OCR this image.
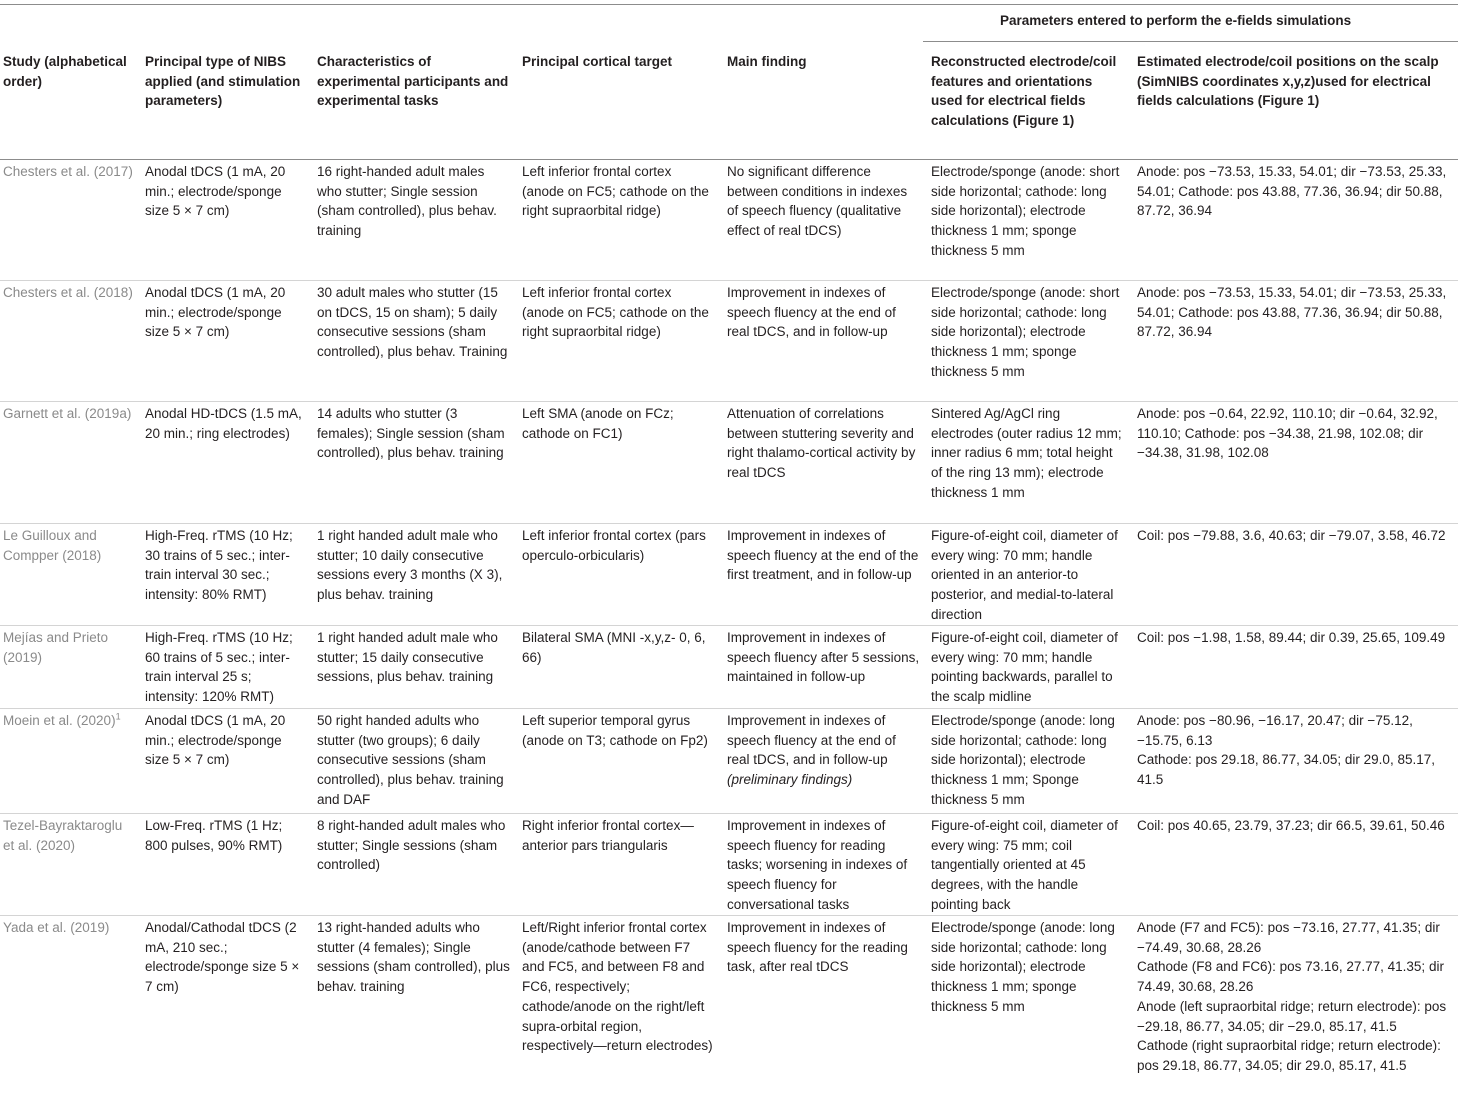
Parameters entered to perform the e-fields simulations
Study (alphabetical order)	Principal type of NIBS applied (and stimulation parameters)	Characteristics of experimental participants and experimental tasks	Principal cortical target	Main finding	Reconstructed electrode/coil features and orientations used for electrical fields calculations (Figure 1)	Estimated electrode/coil positions on the scalp (SimNIBS coordinates x,y,z)used for electrical fields calculations (Figure 1)
Chesters et al. (2017)	Anodal tDCS (1 mA, 20 min.; electrode/sponge size 5 × 7 cm)	16 right-handed adult males who stutter; Single session (sham controlled), plus behav. training	Left inferior frontal cortex (anode on FC5; cathode on the right supraorbital ridge)	No significant difference between conditions in indexes of speech fluency (qualitative effect of real tDCS)	Electrode/sponge (anode: short side horizontal; cathode: long side horizontal); electrode thickness 1 mm; sponge thickness 5 mm	Anode: pos −73.53, 15.33, 54.01; dir −73.53, 25.33, 54.01; Cathode: pos 43.88, 77.36, 36.94; dir 50.88, 87.72, 36.94
Chesters et al. (2018)	Anodal tDCS (1 mA, 20 min.; electrode/sponge size 5 × 7 cm)	30 adult males who stutter (15 on tDCS, 15 on sham); 5 daily consecutive sessions (sham controlled), plus behav. Training	Left inferior frontal cortex (anode on FC5; cathode on the right supraorbital ridge)	Improvement in indexes of speech fluency at the end of real tDCS, and in follow-up	Electrode/sponge (anode: short side horizontal; cathode: long side horizontal); electrode thickness 1 mm; sponge thickness 5 mm	Anode: pos −73.53, 15.33, 54.01; dir −73.53, 25.33, 54.01; Cathode: pos 43.88, 77.36, 36.94; dir 50.88, 87.72, 36.94
Garnett et al. (2019a)	Anodal HD-tDCS (1.5 mA, 20 min.; ring electrodes)	14 adults who stutter (3 females); Single session (sham controlled), plus behav. training	Left SMA (anode on FCz; cathode on FC1)	Attenuation of correlations between stuttering severity and right thalamo-cortical activity by real tDCS	Sintered Ag/AgCl ring electrodes (outer radius 12 mm; inner radius 6 mm; total height of the ring 13 mm); electrode thickness 1 mm	Anode: pos −0.64, 22.92, 110.10; dir −0.64, 32.92, 110.10; Cathode: pos −34.38, 21.98, 102.08; dir −34.38, 31.98, 102.08
Le Guilloux and Compper (2018)	High-Freq. rTMS (10 Hz; 30 trains of 5 sec.; inter-train interval 30 sec.; intensity: 80% RMT)	1 right handed adult male who stutter; 10 daily consecutive sessions every 3 months (X 3), plus behav. training	Left inferior frontal cortex (pars operculo-orbicularis)	Improvement in indexes of speech fluency at the end of the first treatment, and in follow-up	Figure-of-eight coil, diameter of every wing: 70 mm; handle oriented in an anterior-to posterior, and medial-to-lateral direction	Coil: pos −79.88, 3.6, 40.63; dir −79.07, 3.58, 46.72
Mejías and Prieto (2019)	High-Freq. rTMS (10 Hz; 60 trains of 5 sec.; inter-train interval 25 s; intensity: 120% RMT)	1 right handed adult male who stutter; 15 daily consecutive sessions, plus behav. training	Bilateral SMA (MNI -x,y,z- 0, 6, 66)	Improvement in indexes of speech fluency after 5 sessions, maintained in follow-up	Figure-of-eight coil, diameter of every wing: 70 mm; handle pointing backwards, parallel to the scalp midline	Coil: pos −1.98, 1.58, 89.44; dir 0.39, 25.65, 109.49
Moein et al. $(2020)^1$	Anodal tDCS (1 mA, 20 min.; electrode/sponge size 5 × 7 cm)	50 right handed adults who stutter (two groups); 6 daily consecutive sessions (sham controlled), plus behav. training and DAF	Left superior temporal gyrus (anode on T3; cathode on Fp2)	Improvement in indexes of speech fluency at the end of real tDCS, and in follow-up (preliminary findings)	Electrode/sponge (anode: long side horizontal; cathode: long side horizontal); electrode thickness 1 mm; Sponge thickness 5 mm	Anode: pos −80.96, −16.17, 20.47; dir −75.12, −15.75, 6.13
Cathode: pos 29.18, 86.77, 34.05; dir 29.0, 85.17, 41.5

Tezel-Bayraktaroglu et al. (2020)	Low-Freq. rTMS (1 Hz; 800 pulses, 90% RMT)	8 right-handed adult males who stutter; Single sessions (sham controlled)	Right inferior frontal cortex—anterior pars triangularis	Improvement in indexes of speech fluency for reading tasks; worsening in indexes of speech fluency for conversational tasks	Figure-of-eight coil, diameter of every wing: 75 mm; coil tangentially oriented at 45 degrees, with the handle pointing back	Coil: pos 40.65, 23.79, 37.23; dir 66.5, 39.61, 50.46
Yada et al. (2019)	Anodal/Cathodal tDCS (2 mA, 210 sec.; electrode/sponge size 5 × 7 cm)	13 right-handed adults who stutter (4 females); Single sessions (sham controlled), plus behav. training	Left/Right inferior frontal cortex (anode/cathode between F7 and FC5, and between F8 and FC6, respectively; cathode/anode on the right/left supra-orbital region, respectively—return electrodes)	Improvement in indexes of speech fluency for the reading task, after real tDCS	Electrode/sponge (anode: long side horizontal; cathode: long side horizontal); electrode thickness 1 mm; sponge thickness 5 mm	Anode (F7 and FC5): pos −73.16, 27.77, 41.35; dir −74.49, 30.68, 28.26
Cathode (F8 and FC6): pos 73.16, 27.77, 41.35; dir 74.49, 30.68, 28.26
Anode (left supraorbital ridge; return electrode): pos −29.18, 86.77, 34.05; dir −29.0, 85.17, 41.5
Cathode (right supraorbital ridge; return electrode): pos 29.18, 86.77, 34.05; dir 29.0, 85.17, 41.5
